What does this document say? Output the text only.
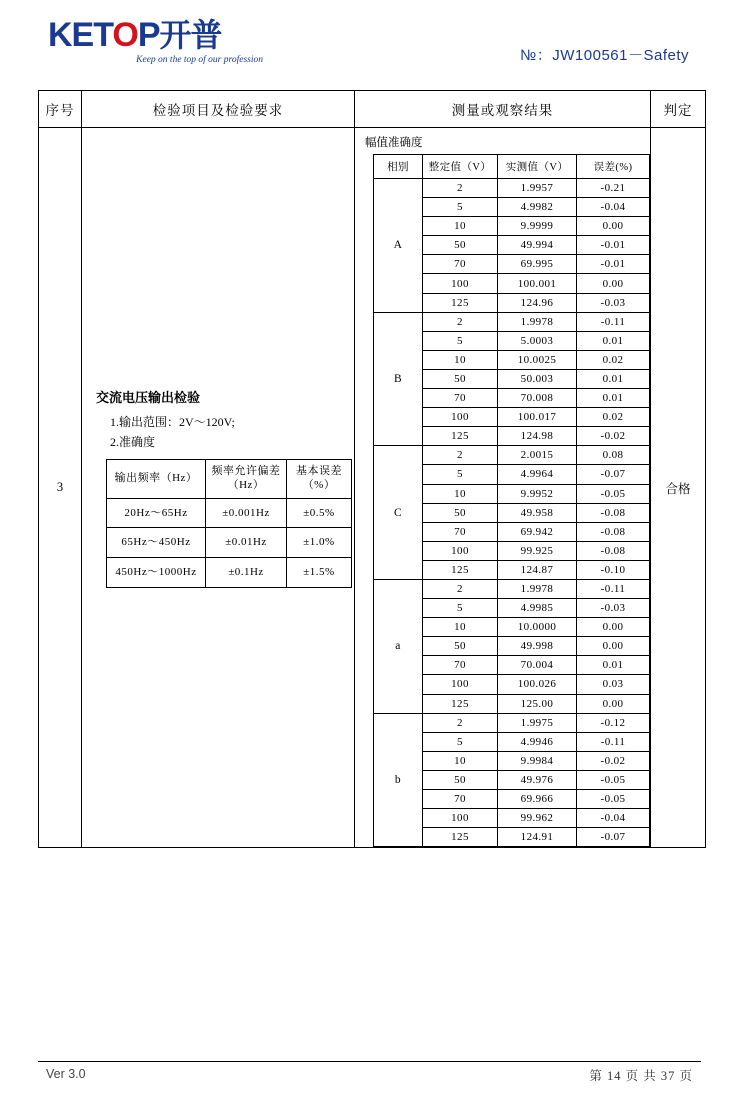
KETOP开普
Keep on the top of our profession	№：JW100561－Safety
序号	检验项目及检验要求	测量或观察结果	判定

3	
交流电压输出检验
1.输出范围：2V～120V;
2.准确度
输出频率（Hz）	频率允许偏差（Hz）	基本误差（%）
20Hz～65Hz	±0.001Hz	±0.5%
65Hz～450Hz	±0.01Hz	±1.0%
450Hz～1000Hz	±0.1Hz	±1.5%

幅值准确度
相别	整定值（V）	实测值（V）	误差(%)
A	2	1.9957	-0.21
5	4.9982	-0.04
10	9.9999	0.00
50	49.994	-0.01
70	69.995	-0.01
100	100.001	0.00
125	124.96	-0.03
B	2	1.9978	-0.11
5	5.0003	0.01
10	10.0025	0.02
50	50.003	0.01
70	70.008	0.01
100	100.017	0.02
125	124.98	-0.02
C	2	2.0015	0.08
5	4.9964	-0.07
10	9.9952	-0.05
50	49.958	-0.08
70	69.942	-0.08
100	99.925	-0.08
125	124.87	-0.10
a	2	1.9978	-0.11
5	4.9985	-0.03
10	10.0000	0.00
50	49.998	0.00
70	70.004	0.01
100	100.026	0.03
125	125.00	0.00
b	2	1.9975	-0.12
5	4.9946	-0.11
10	9.9984	-0.02
50	49.976	-0.05
70	69.966	-0.05
100	99.962	-0.04
125	124.91	-0.07
	合格
Ver 3.0	第 14 页 共 37 页
